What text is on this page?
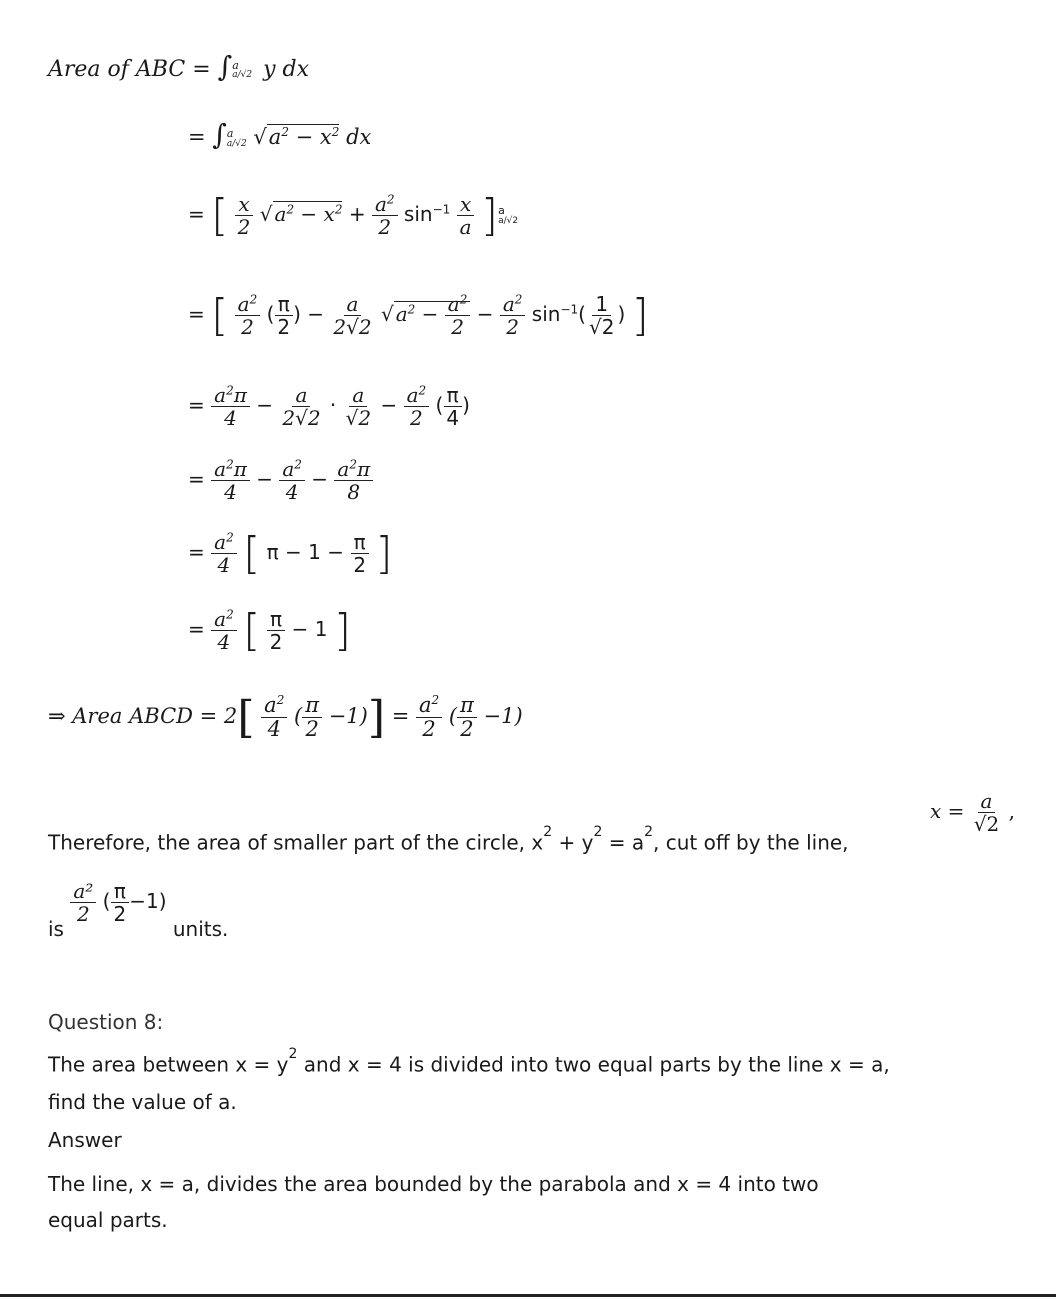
Area of ABC = ∫ a
a/√2 y dx
= ∫ a
a/√2 $√a^2 - x^2$ dx
= [ $\frac{x}{2}$ √ $a^2 - x^2 + \frac{a^2}{2} \sin^{-1} \frac{x}{a}$ ] a
a/√2
= [ $\frac{a^2}{2}$ ( $\frac{\pi}{2}$ ) − $\frac{a}{2√2}$ √ $a^2 - \frac{a^2}{2} - \frac{a^2}{2} \sin^{-1}( \frac{1}{√2}$ ) ]
= $\frac{a^2\pi}{4} - \frac{a}{2√2} \cdot \frac{a}{√2} - \frac{a^2}{2}$ ( $\frac{\pi}{4}$ )
= $\frac{a^2\pi}{4} - \frac{a^2}{4} - \frac{a^2\pi}{8}$
= $\frac{a^2}{4}$ [ $\pi - 1 - \frac{\pi}{2}$ ]
= $\frac{a^2}{4}$ [ $\frac{\pi}{2} - 1$ ]
⇒ Area ABCD = $2[ \frac{a^2}{4}$ ( $\frac{\pi}{2} -1)] = \frac{a^2}{2}$ ( $\frac{\pi}{2} -1$)
Therefore, the area of smaller part of the circle, $x^2 + y^2 = a^2$, cut off by the line,
$x = \frac{a}{√2}$ ,
is
$\frac{\text{a²}}{2}$ ( $\frac{\pi}{2} -1$) units.
Question 8:
The area between $x = y^2$ and x = 4 is divided into two equal parts by the line x = a,
find the value of a.
Answer
The line, x = a, divides the area bounded by the parabola and x = 4 into two
equal parts.
